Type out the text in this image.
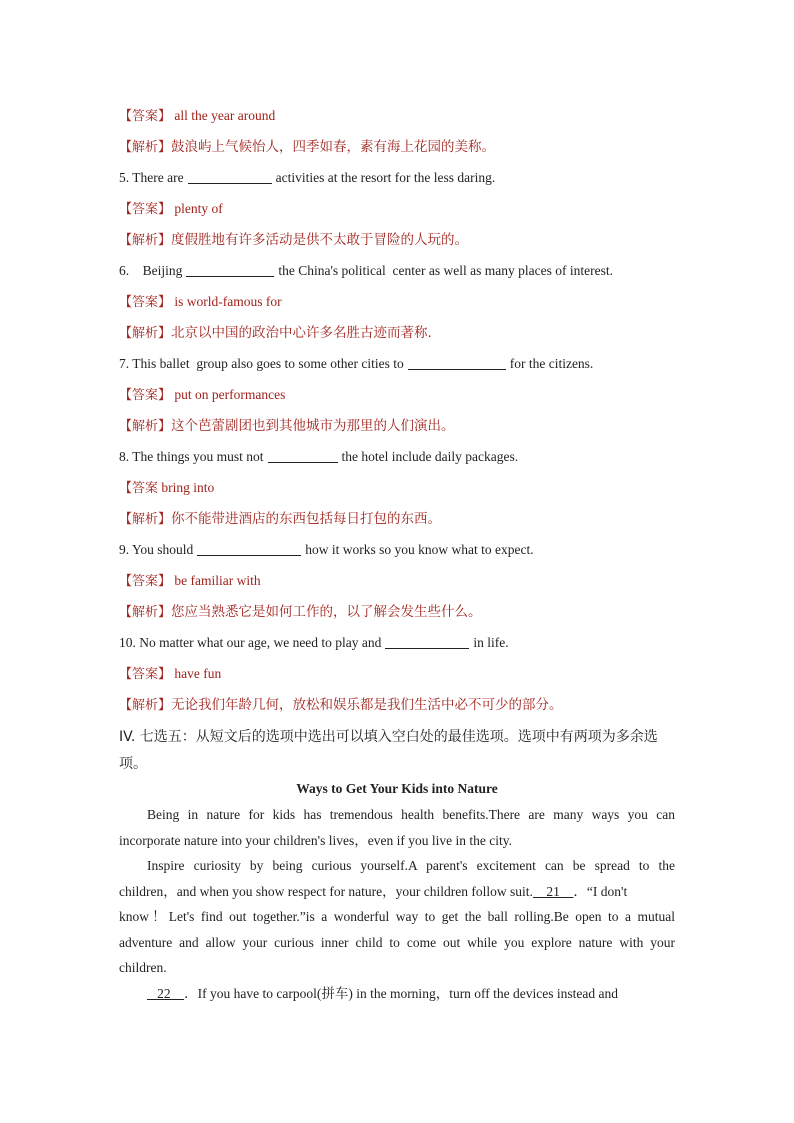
【答案】 all the year around
【解析】鼓浪屿上气候怡人，四季如春，素有海上花园的美称。
5. There are	activities at the resort for the less daring.
【答案】 plenty of
【解析】度假胜地有许多活动是供不太敢于冒险的人玩的。
6.    Beijing	the China's political  center as well as many places of interest.
【答案】 is world-famous for
【解析】北京以中国的政治中心许多名胜古迹而著称.
7. This ballet  group also goes to some other cities to	for the citizens.
【答案】 put on performances
【解析】这个芭蕾剧团也到其他城市为那里的人们演出。
8. The things you must not	the hotel include daily packages.
【答案 bring into
【解析】你不能带进酒店的东西包括每日打包的东西。
9. You should	how it works so you know what to expect.
【答案】 be familiar with
【解析】您应当熟悉它是如何工作的，以了解会发生些什么。
10. No matter what our age, we need to play and	in life.
【答案】 have fun
【解析】无论我们年龄几何，放松和娱乐都是我们生活中必不可少的部分。
IV. 七选五：从短文后的选项中选出可以填入空白处的最佳选项。选项中有两项为多余选
项。
Ways to Get Your Kids into Nature
Being in nature for kids has tremendous health benefits.There are many ways you can
incorporate nature into your children's lives，even if you live in the city.
Inspire curiosity by being curious yourself.A parent's excitement can be spread to the
children，and when you show respect for nature，your children follow suit.    21    ．“I don't
know！Let's find out together.”is a wonderful way to get the ball rolling.Be open to a mutual
adventure and allow your curious inner child to come out while you explore nature with your
children.
22    ．If you have to carpool(拼车) in the morning，turn off the devices instead and
